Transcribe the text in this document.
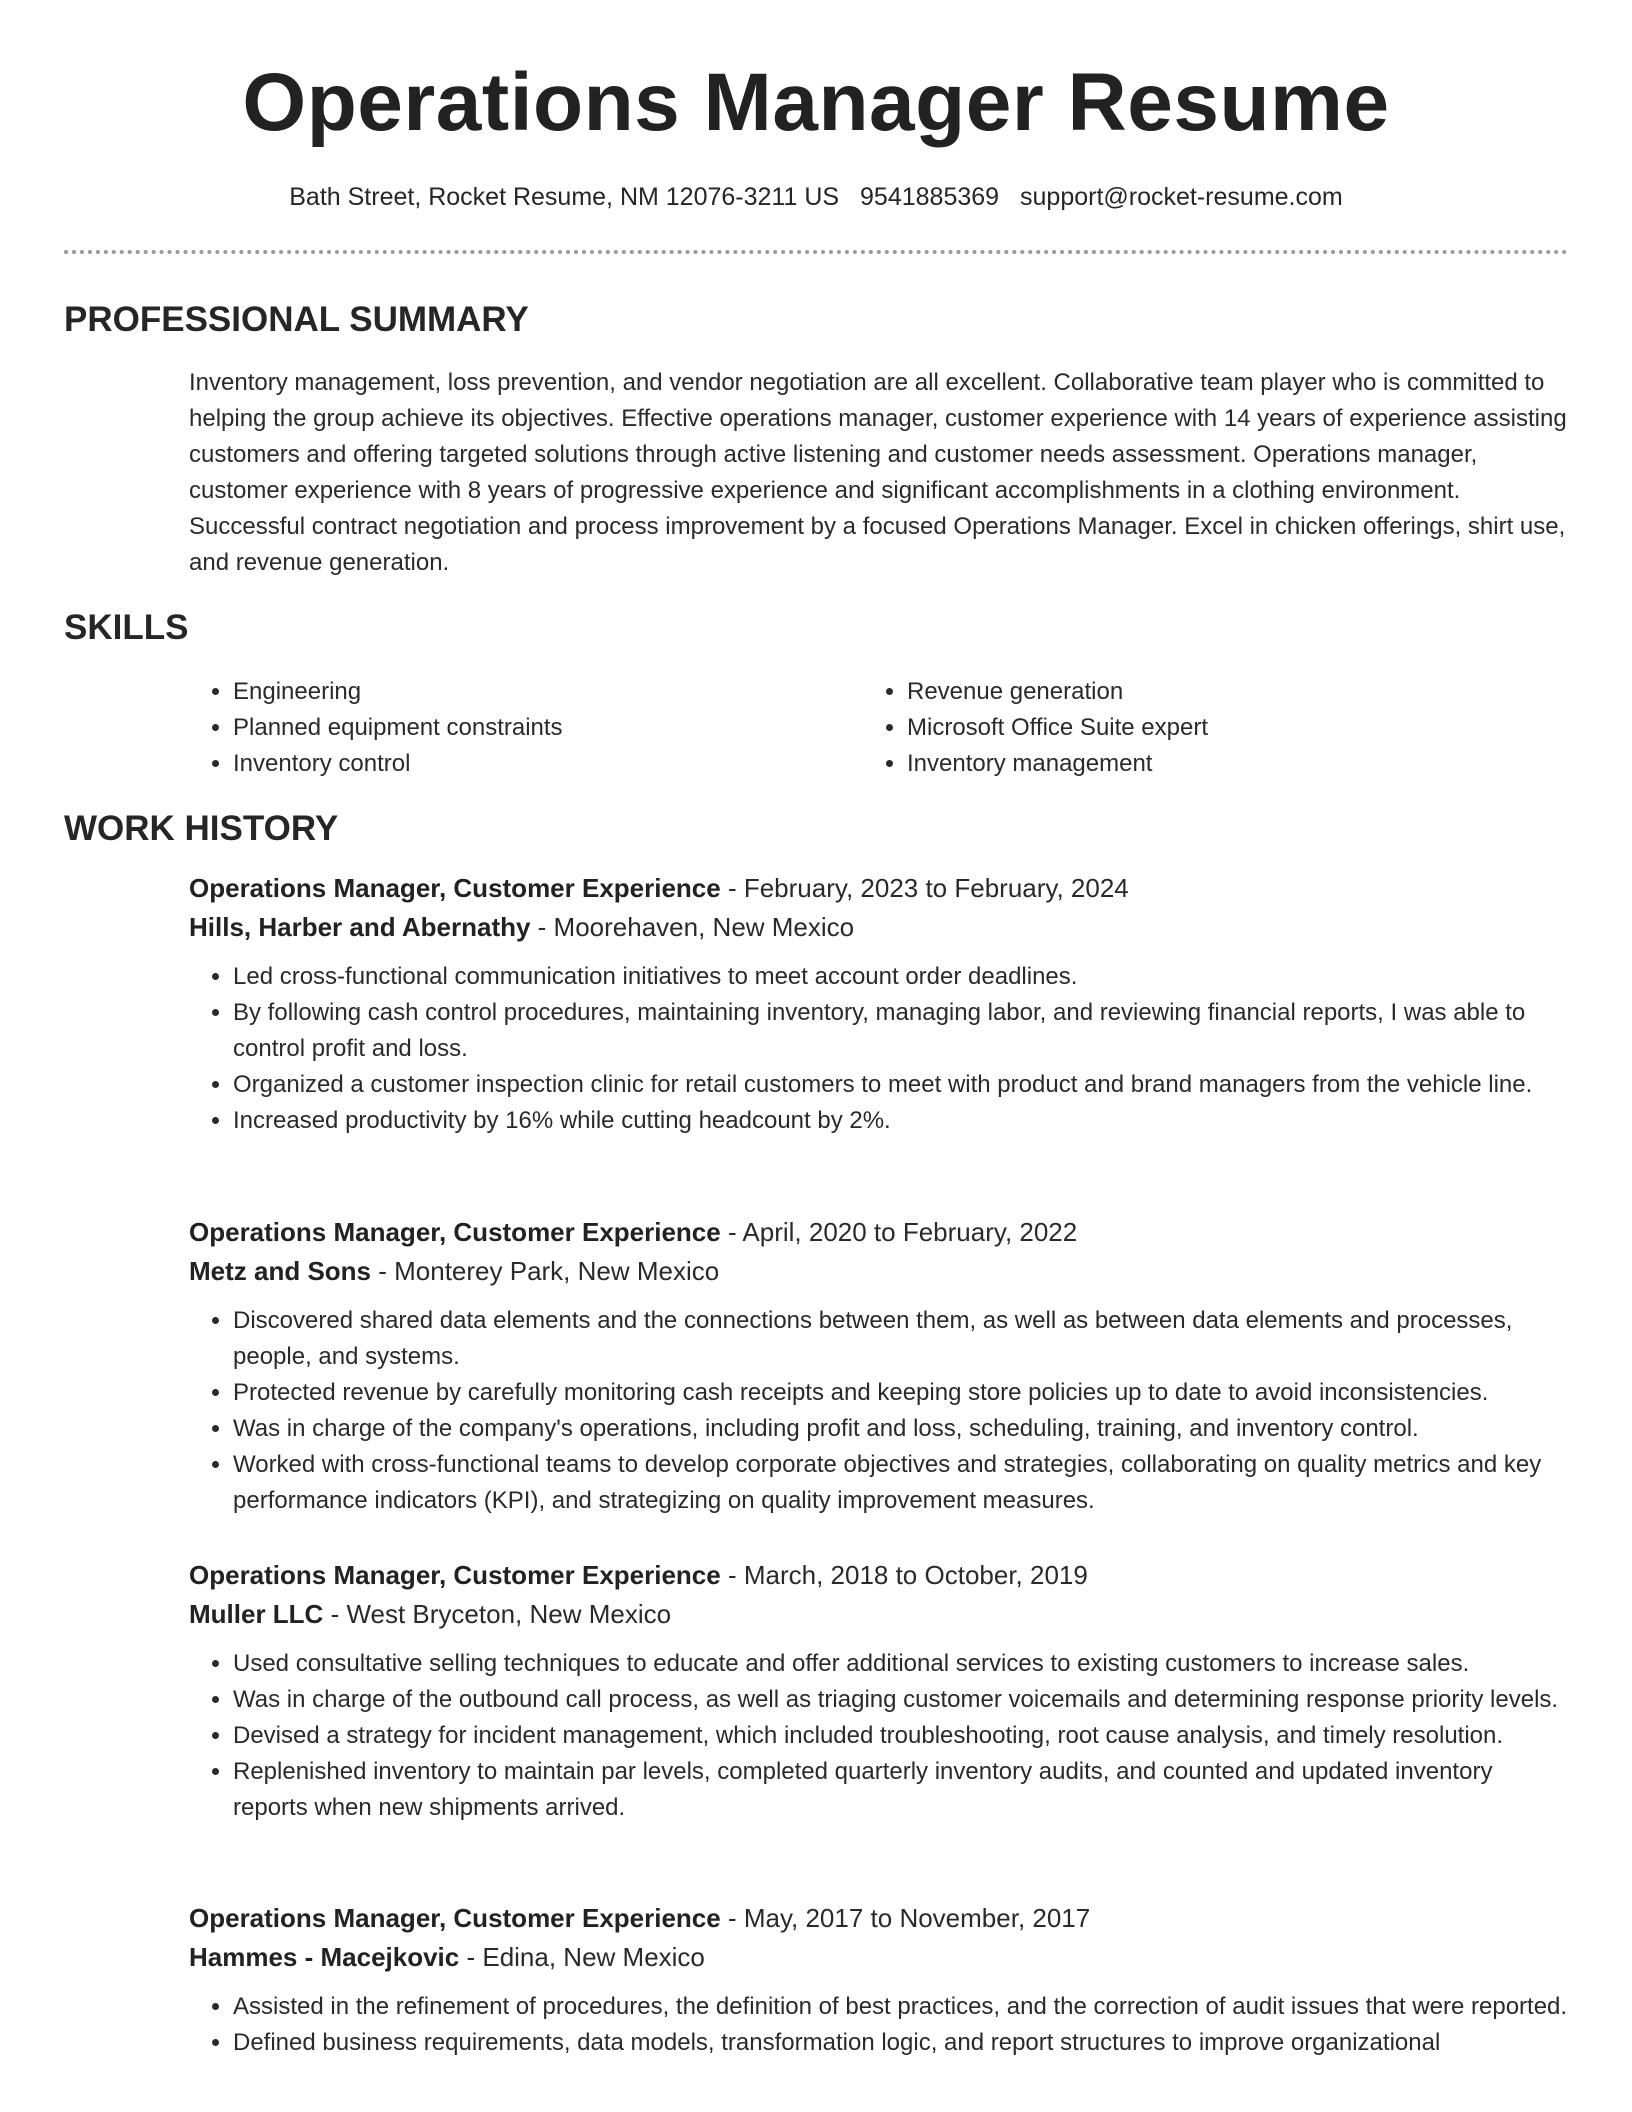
Operations Manager Resume
Bath Street, Rocket Resume, NM 12076-3211 US 9541885369 support@rocket-resume.com
PROFESSIONAL SUMMARY
Inventory management, loss prevention, and vendor negotiation are all excellent. Collaborative team player who is committed to helping the group achieve its objectives. Effective operations manager, customer experience with 14 years of experience assisting customers and offering targeted solutions through active listening and customer needs assessment. Operations manager, customer experience with 8 years of progressive experience and significant accomplishments in a clothing environment. Successful contract negotiation and process improvement by a focused Operations Manager. Excel in chicken offerings, shirt use, and revenue generation.
SKILLS
• Engineering
• Planned equipment constraints
• Inventory control
• Revenue generation
• Microsoft Office Suite expert
• Inventory management
WORK HISTORY
Operations Manager, Customer Experience - February, 2023 to February, 2024
Hills, Harber and Abernathy - Moorehaven, New Mexico
• Led cross-functional communication initiatives to meet account order deadlines.
• By following cash control procedures, maintaining inventory, managing labor, and reviewing financial reports, I was able to control profit and loss.
• Organized a customer inspection clinic for retail customers to meet with product and brand managers from the vehicle line.
• Increased productivity by 16% while cutting headcount by 2%.
Operations Manager, Customer Experience - April, 2020 to February, 2022
Metz and Sons - Monterey Park, New Mexico
• Discovered shared data elements and the connections between them, as well as between data elements and processes, people, and systems.
• Protected revenue by carefully monitoring cash receipts and keeping store policies up to date to avoid inconsistencies.
• Was in charge of the company's operations, including profit and loss, scheduling, training, and inventory control.
• Worked with cross-functional teams to develop corporate objectives and strategies, collaborating on quality metrics and key performance indicators (KPI), and strategizing on quality improvement measures.
Operations Manager, Customer Experience - March, 2018 to October, 2019
Muller LLC - West Bryceton, New Mexico
• Used consultative selling techniques to educate and offer additional services to existing customers to increase sales.
• Was in charge of the outbound call process, as well as triaging customer voicemails and determining response priority levels.
• Devised a strategy for incident management, which included troubleshooting, root cause analysis, and timely resolution.
• Replenished inventory to maintain par levels, completed quarterly inventory audits, and counted and updated inventory reports when new shipments arrived.
Operations Manager, Customer Experience - May, 2017 to November, 2017
Hammes - Macejkovic - Edina, New Mexico
• Assisted in the refinement of procedures, the definition of best practices, and the correction of audit issues that were reported.
• Defined business requirements, data models, transformation logic, and report structures to improve organizational
